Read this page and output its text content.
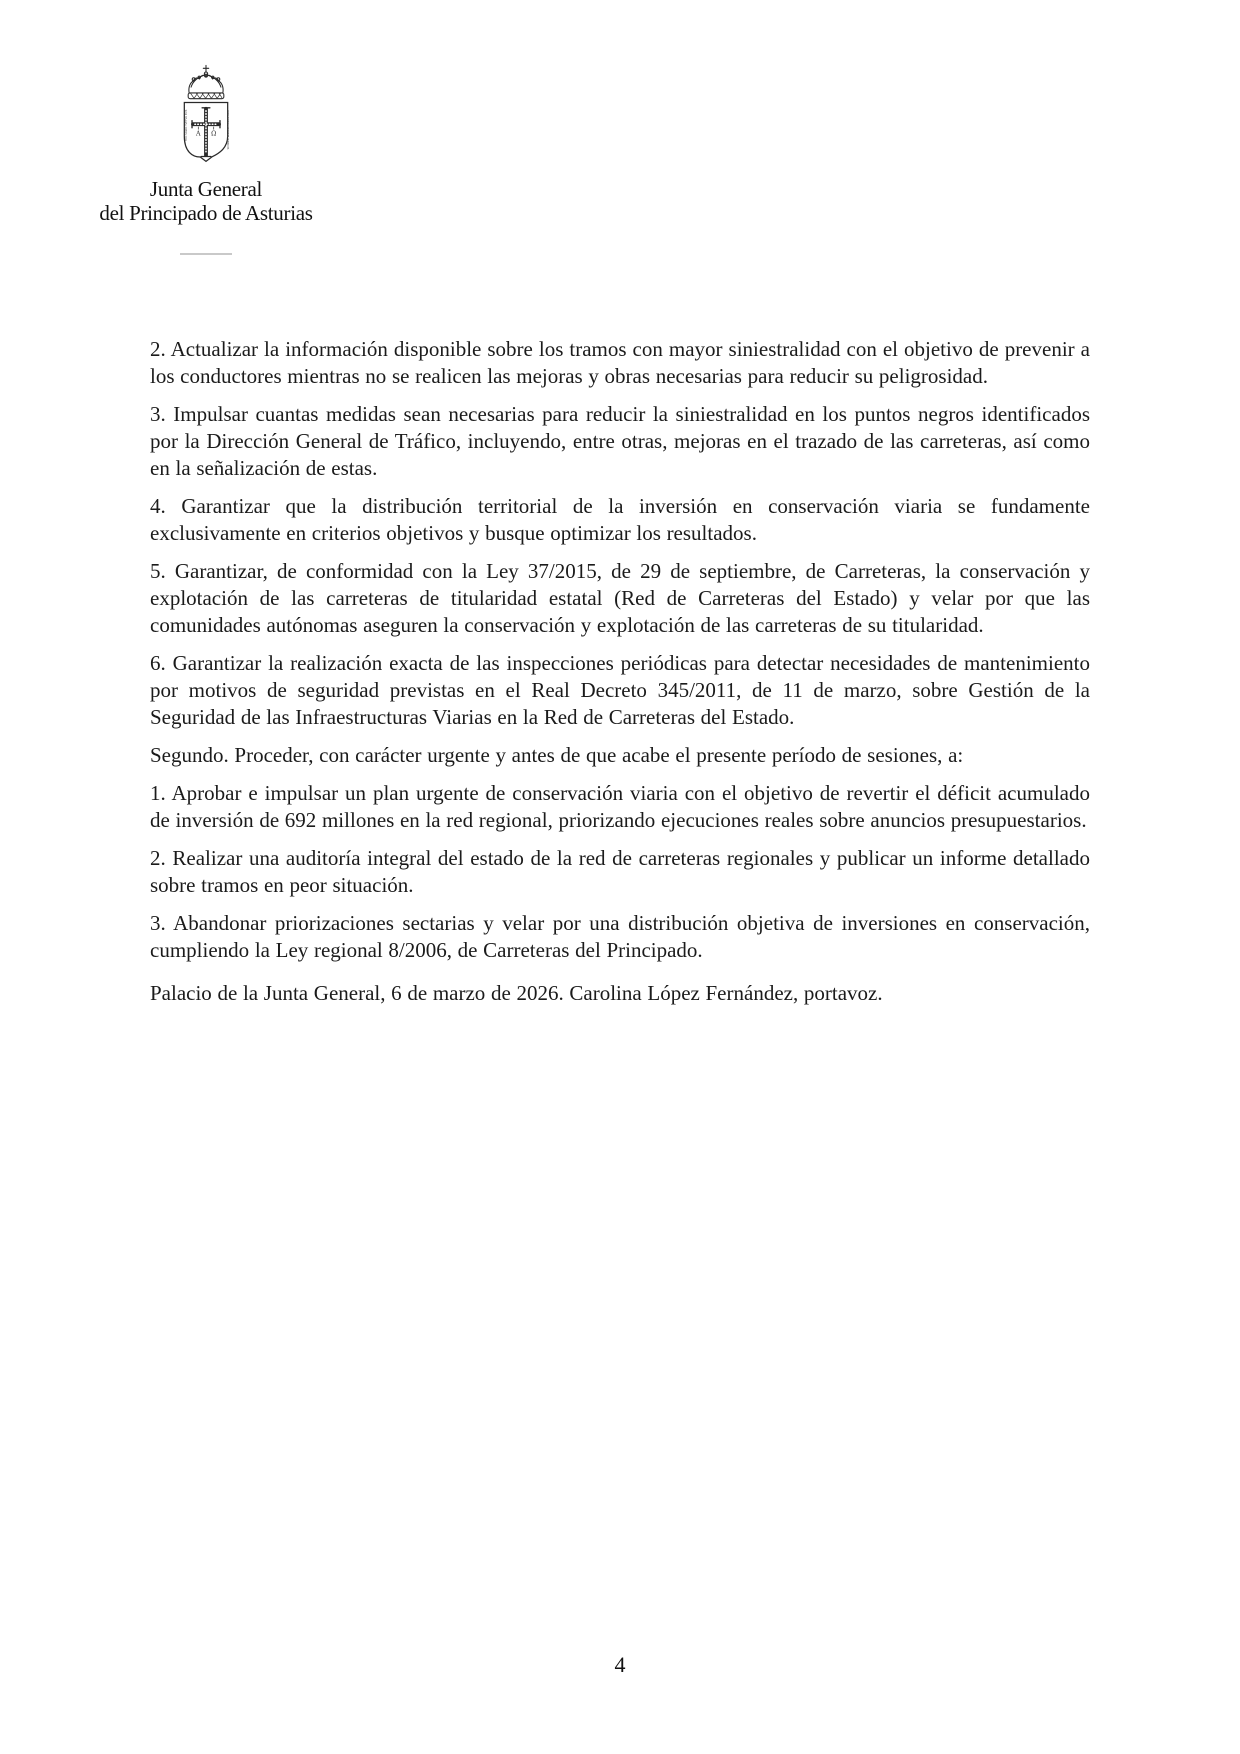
Α Ω
HOC SIGNO TVETVR PIVS	HOC SIGNO VINCITVR INIMICVS
Junta General
del Principado de Asturias

2. Actualizar la información disponible sobre los tramos con mayor siniestralidad con el objetivo de prevenir a los conductores mientras no se realicen las mejoras y obras necesarias para reducir su peligrosidad.

3. Impulsar cuantas medidas sean necesarias para reducir la siniestralidad en los puntos negros identificados por la Dirección General de Tráfico, incluyendo, entre otras, mejoras en el trazado de las carreteras, así como en la señalización de estas.

4. Garantizar que la distribución territorial de la inversión en conservación viaria se fundamente exclusivamente en criterios objetivos y busque optimizar los resultados.

5. Garantizar, de conformidad con la Ley 37/2015, de 29 de septiembre, de Carreteras, la conservación y explotación de las carreteras de titularidad estatal (Red de Carreteras del Estado) y velar por que las comunidades autónomas aseguren la conservación y explotación de las carreteras de su titularidad.

6. Garantizar la realización exacta de las inspecciones periódicas para detectar necesidades de mantenimiento por motivos de seguridad previstas en el Real Decreto 345/2011, de 11 de marzo, sobre Gestión de la Seguridad de las Infraestructuras Viarias en la Red de Carreteras del Estado.

Segundo. Proceder, con carácter urgente y antes de que acabe el presente período de sesiones, a:

1. Aprobar e impulsar un plan urgente de conservación viaria con el objetivo de revertir el déficit acumulado de inversión de 692 millones en la red regional, priorizando ejecuciones reales sobre anuncios presupuestarios.

2. Realizar una auditoría integral del estado de la red de carreteras regionales y publicar un informe detallado sobre tramos en peor situación.

3. Abandonar priorizaciones sectarias y velar por una distribución objetiva de inversiones en conservación, cumpliendo la Ley regional 8/2006, de Carreteras del Principado.

Palacio de la Junta General, 6 de marzo de 2026. Carolina López Fernández, portavoz.

4
